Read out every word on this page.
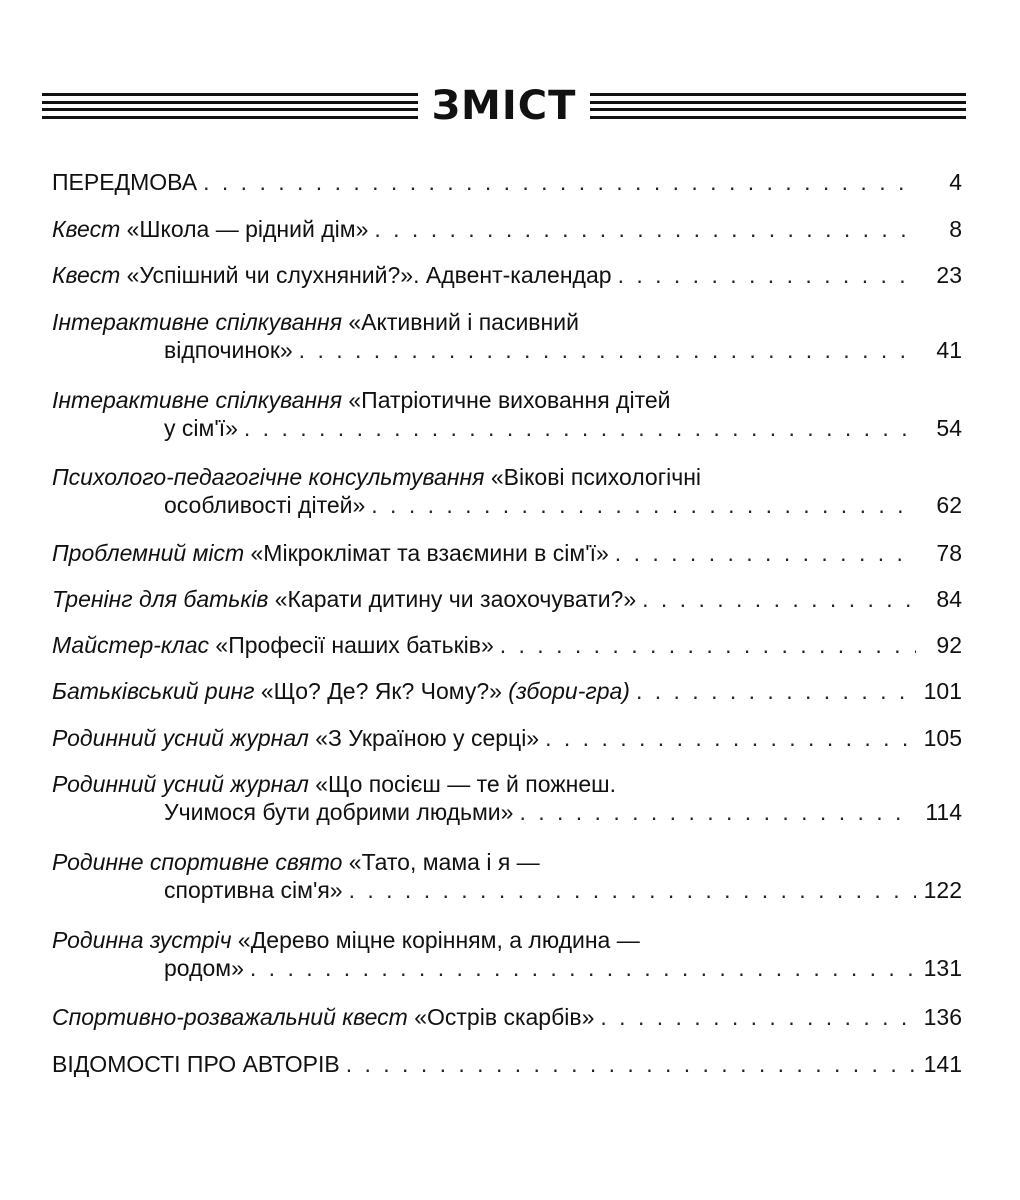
ЗМІСТ
ПЕРЕДМОВА . . .	4
Квест
«Школа — рідний дім» . . .	8
Квест
«Успішний чи слухняний?». Адвент-календар . . .	23
Інтерактивне спілкування
«Активний і пасивний
відпочинок» . . .	41
Інтерактивне спілкування
«Патріотичне виховання дітей
у сім'ї» . . .	54
Психолого-педагогічне консультування
«Вікові психологічні
особливості дітей» . . .	62
Проблемний міст
«Мікроклімат та взаємини в сім'ї» . . .	78
Тренінг для батьків
«Карати дитину чи заохочувати?» . . .	84
Майстер-клас
«Професії наших батьків» . . .	92
Батьківський ринг
«Що? Де? Як? Чому?»
(збори-гра) . . .	101
Родинний усний журнал
«З Україною у серці» . . .	105
Родинний усний журнал
«Що посієш — те й пожнеш.
Учимося бути добрими людьми» . . .	114
Родинне спортивне свято
«Тато, мама і я —
спортивна сім'я» . . .	122
Родинна зустріч
«Дерево міцне корінням, а людина —
родом» . . .	131
Спортивно-розважальний квест
«Острів скарбів» . . .	136
ВІДОМОСТІ ПРО АВТОРІВ . . .	141
